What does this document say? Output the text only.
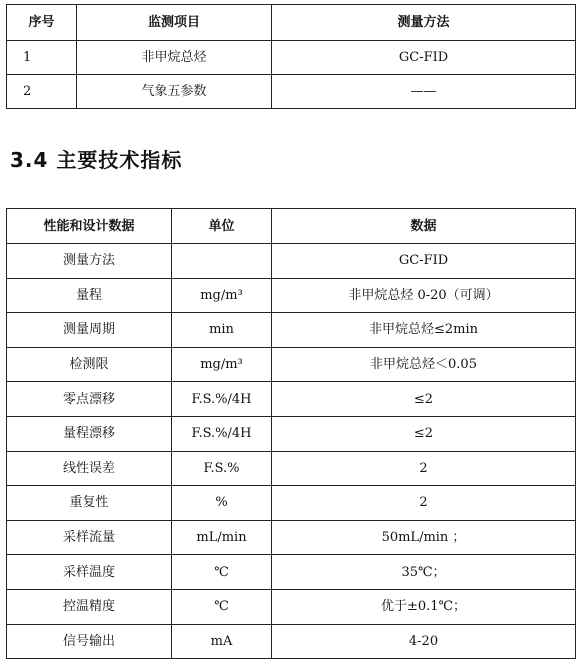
序号	监测项目	测量方法
1	非甲烷总烃	GC-FID
2	气象五参数	——
3.4 主要技术指标
性能和设计数据	单位	数据
测量方法		GC-FID
量程	mg/m³	非甲烷总烃 0-20（可调）
测量周期	min	非甲烷总烃≤2min
检测限	mg/m³	非甲烷总烃＜0.05
零点漂移	F.S.%/4H	≤2
量程漂移	F.S.%/4H	≤2
线性误差	F.S.%	2
重复性	%	2
采样流量	mL/min	50mL/min ；
采样温度	℃	35℃；
控温精度	℃	优于±0.1℃；
信号输出	mA	4-20
